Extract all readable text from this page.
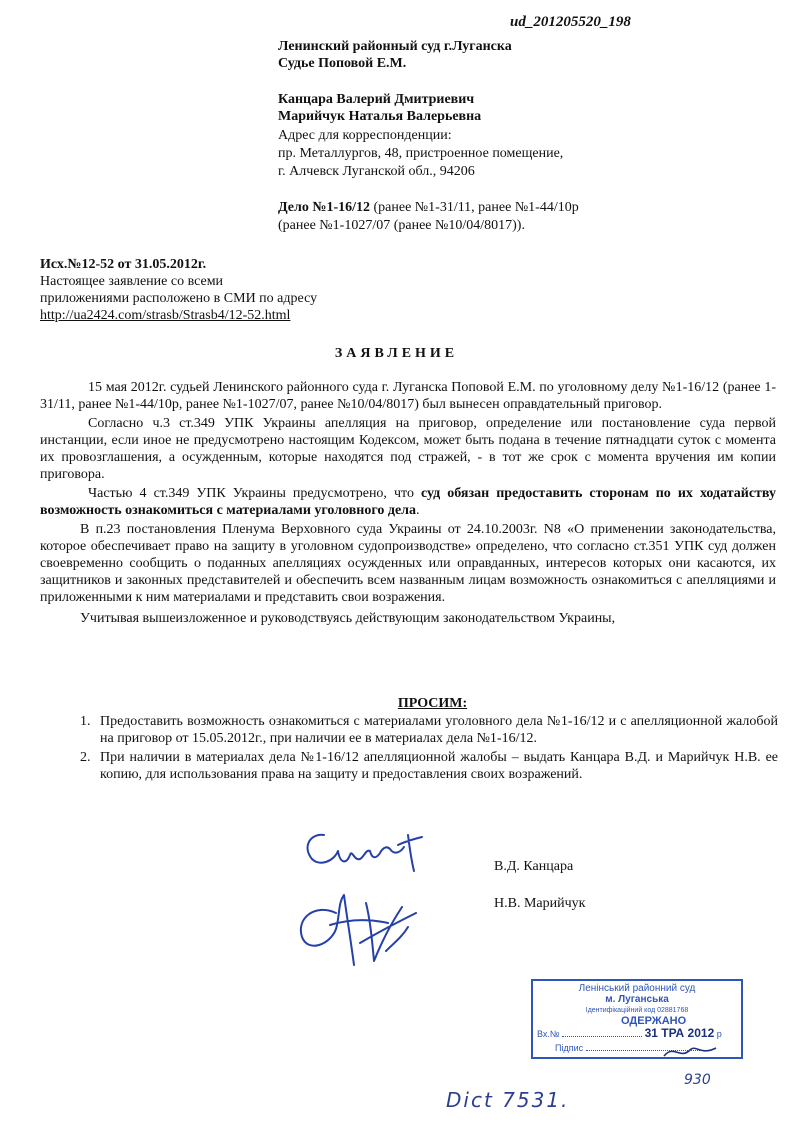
ud_201205520_198
Ленинский районный суд г.Луганска
Судье Поповой Е.М.
Канцара Валерий Дмитриевич
Марийчук Наталья Валерьевна
Адрес для корреспонденции:
пр. Металлургов, 48, пристроенное помещение,
г. Алчевск Луганской обл., 94206
Дело №1-16/12 (ранее №1-31/11, ранее №1-44/10р
(ранее №1-1027/07 (ранее №10/04/8017)).
Исх.№12-52 от 31.05.2012г.
Настоящее заявление со всеми
приложениями расположено в СМИ по адресу
http://ua2424.com/strasb/Strasb4/12-52.html
ЗАЯВЛЕНИЕ

15 мая 2012г. судьей Ленинского районного суда г. Луганска Поповой Е.М. по уголовному делу №1-16/12 (ранее 1-31/11, ранее №1-44/10р, ранее №1-1027/07, ранее №10/04/8017) был вынесен оправдательный приговор.

Согласно ч.3 ст.349 УПК Украины апелляция на приговор, определение или постановление суда первой инстанции, если иное не предусмотрено настоящим Кодексом, может быть подана в течение пятнадцати суток с момента их провозглашения, а осужденным, которые находятся под стражей, - в тот же срок с момента вручения им копии приговора.

Частью 4 ст.349 УПК Украины предусмотрено, что суд обязан предоставить сторонам по их ходатайству возможность ознакомиться с материалами уголовного дела.

В п.23 постановления Пленума Верховного суда Украины от 24.10.2003г. N8 «О применении законодательства, которое обеспечивает право на защиту в уголовном судопроизводстве» определено, что согласно ст.351 УПК суд должен своевременно сообщить о поданных апелляциях осужденных или оправданных, интересов которых они касаются, их защитников и законных представителей и обеспечить всем названным лицам возможность ознакомиться с апелляциями и приложенными к ним материалами и представить свои возражения.

Учитывая вышеизложенное и руководствуясь действующим законодательством Украины,

ПРОСИМ:
1. Предоставить возможность ознакомиться с материалами уголовного дела №1-16/12 и с апелляционной жалобой на приговор от 15.05.2012г., при наличии ее в материалах дела №1-16/12.
2. При наличии в материалах дела №1-16/12 апелляционной жалобы – выдать Канцара В.Д. и Марийчук Н.В. ее копию, для использования права на защиту и предоставления своих возражений.
В.Д. Канцара
Н.В. Марийчук
Ленінський районний суд
м. Луганська
Ідентифікаційний код 02881768
ОДЕРЖАНО
Вх.№	31 ТРА 2012 р
Підпис
930
Dict 7531.
